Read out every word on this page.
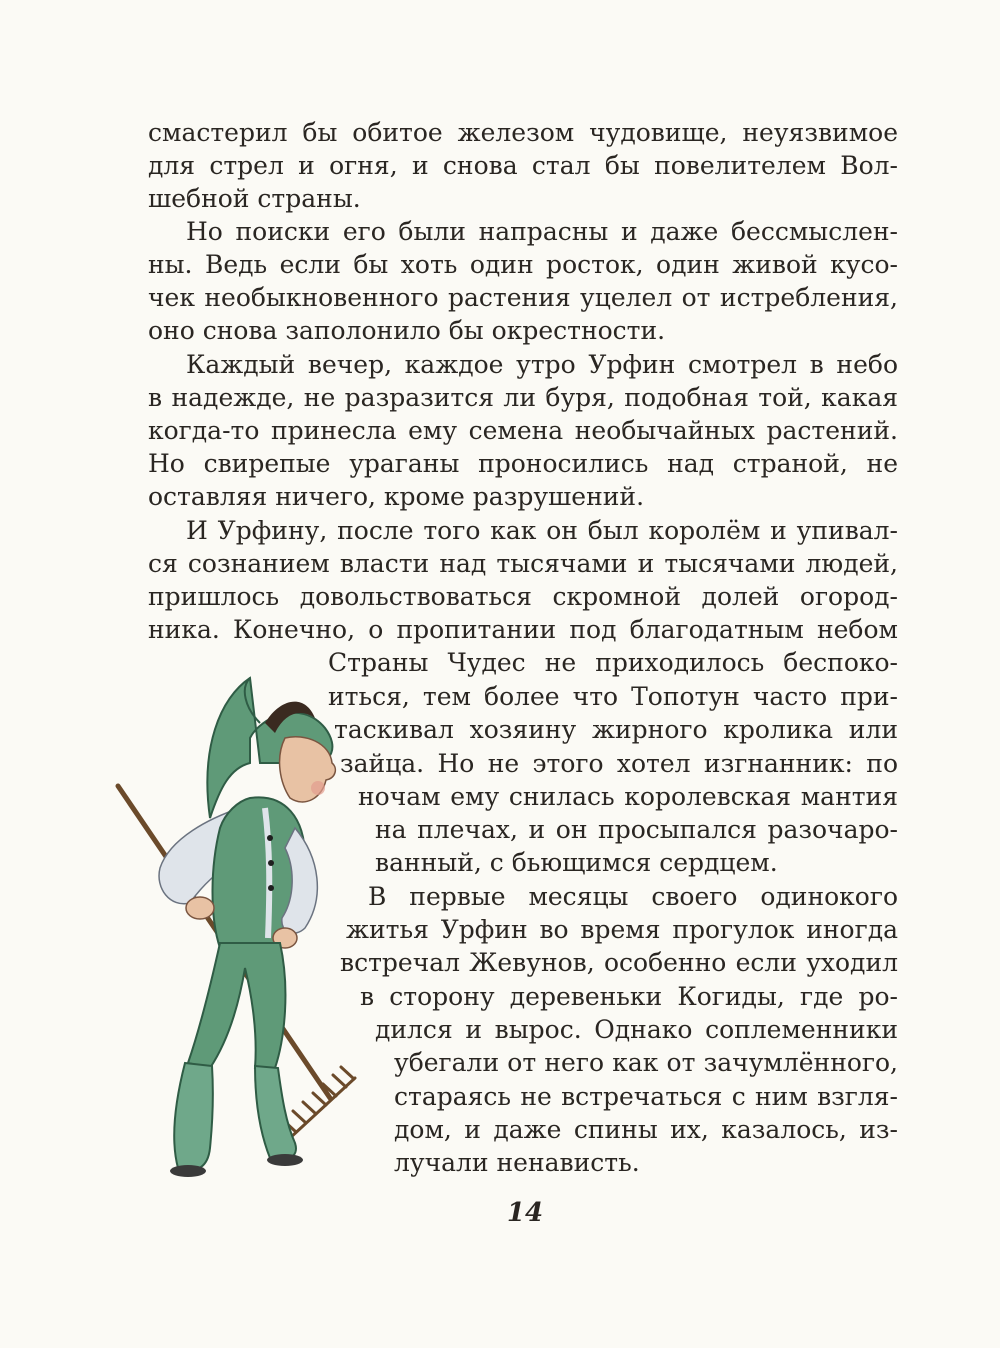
смастерил бы обитое железом чудовище, неуязвимое
для стрел и огня, и снова стал бы повелителем Вол-
шебной страны.
Но поиски его были напрасны и даже бессмыслен-
ны. Ведь если бы хоть один росток, один живой кусо-
чек необыкновенного растения уцелел от истребления,
оно снова заполонило бы окрестности.
Каждый вечер, каждое утро Урфин смотрел в небо
в надежде, не разразится ли буря, подобная той, какая
когда-то принесла ему семена необычайных растений.
Но свирепые ураганы проносились над страной, не
оставляя ничего, кроме разрушений.
И Урфину, после того как он был королём и упивал-
ся сознанием власти над тысячами и тысячами людей,
пришлось довольствоваться скромной долей огород-
ника. Конечно, о пропитании под благодатным небом
Страны Чудес не приходилось беспоко-
иться, тем более что Топотун часто при-
таскивал хозяину жирного кролика или
зайца. Но не этого хотел изгнанник: по
ночам ему снилась королевская мантия
на плечах, и он просыпался разочаро-
ванный, с бьющимся сердцем.
В первые месяцы своего одинокого
житья Урфин во время прогулок иногда
встречал Жевунов, особенно если уходил
в сторону деревеньки Когиды, где ро-
дился и вырос. Однако соплеменники
убегали от него как от зачумлённого,
стараясь не встречаться с ним взгля-
дом, и даже спины их, казалось, из-
лучали ненависть.
14
